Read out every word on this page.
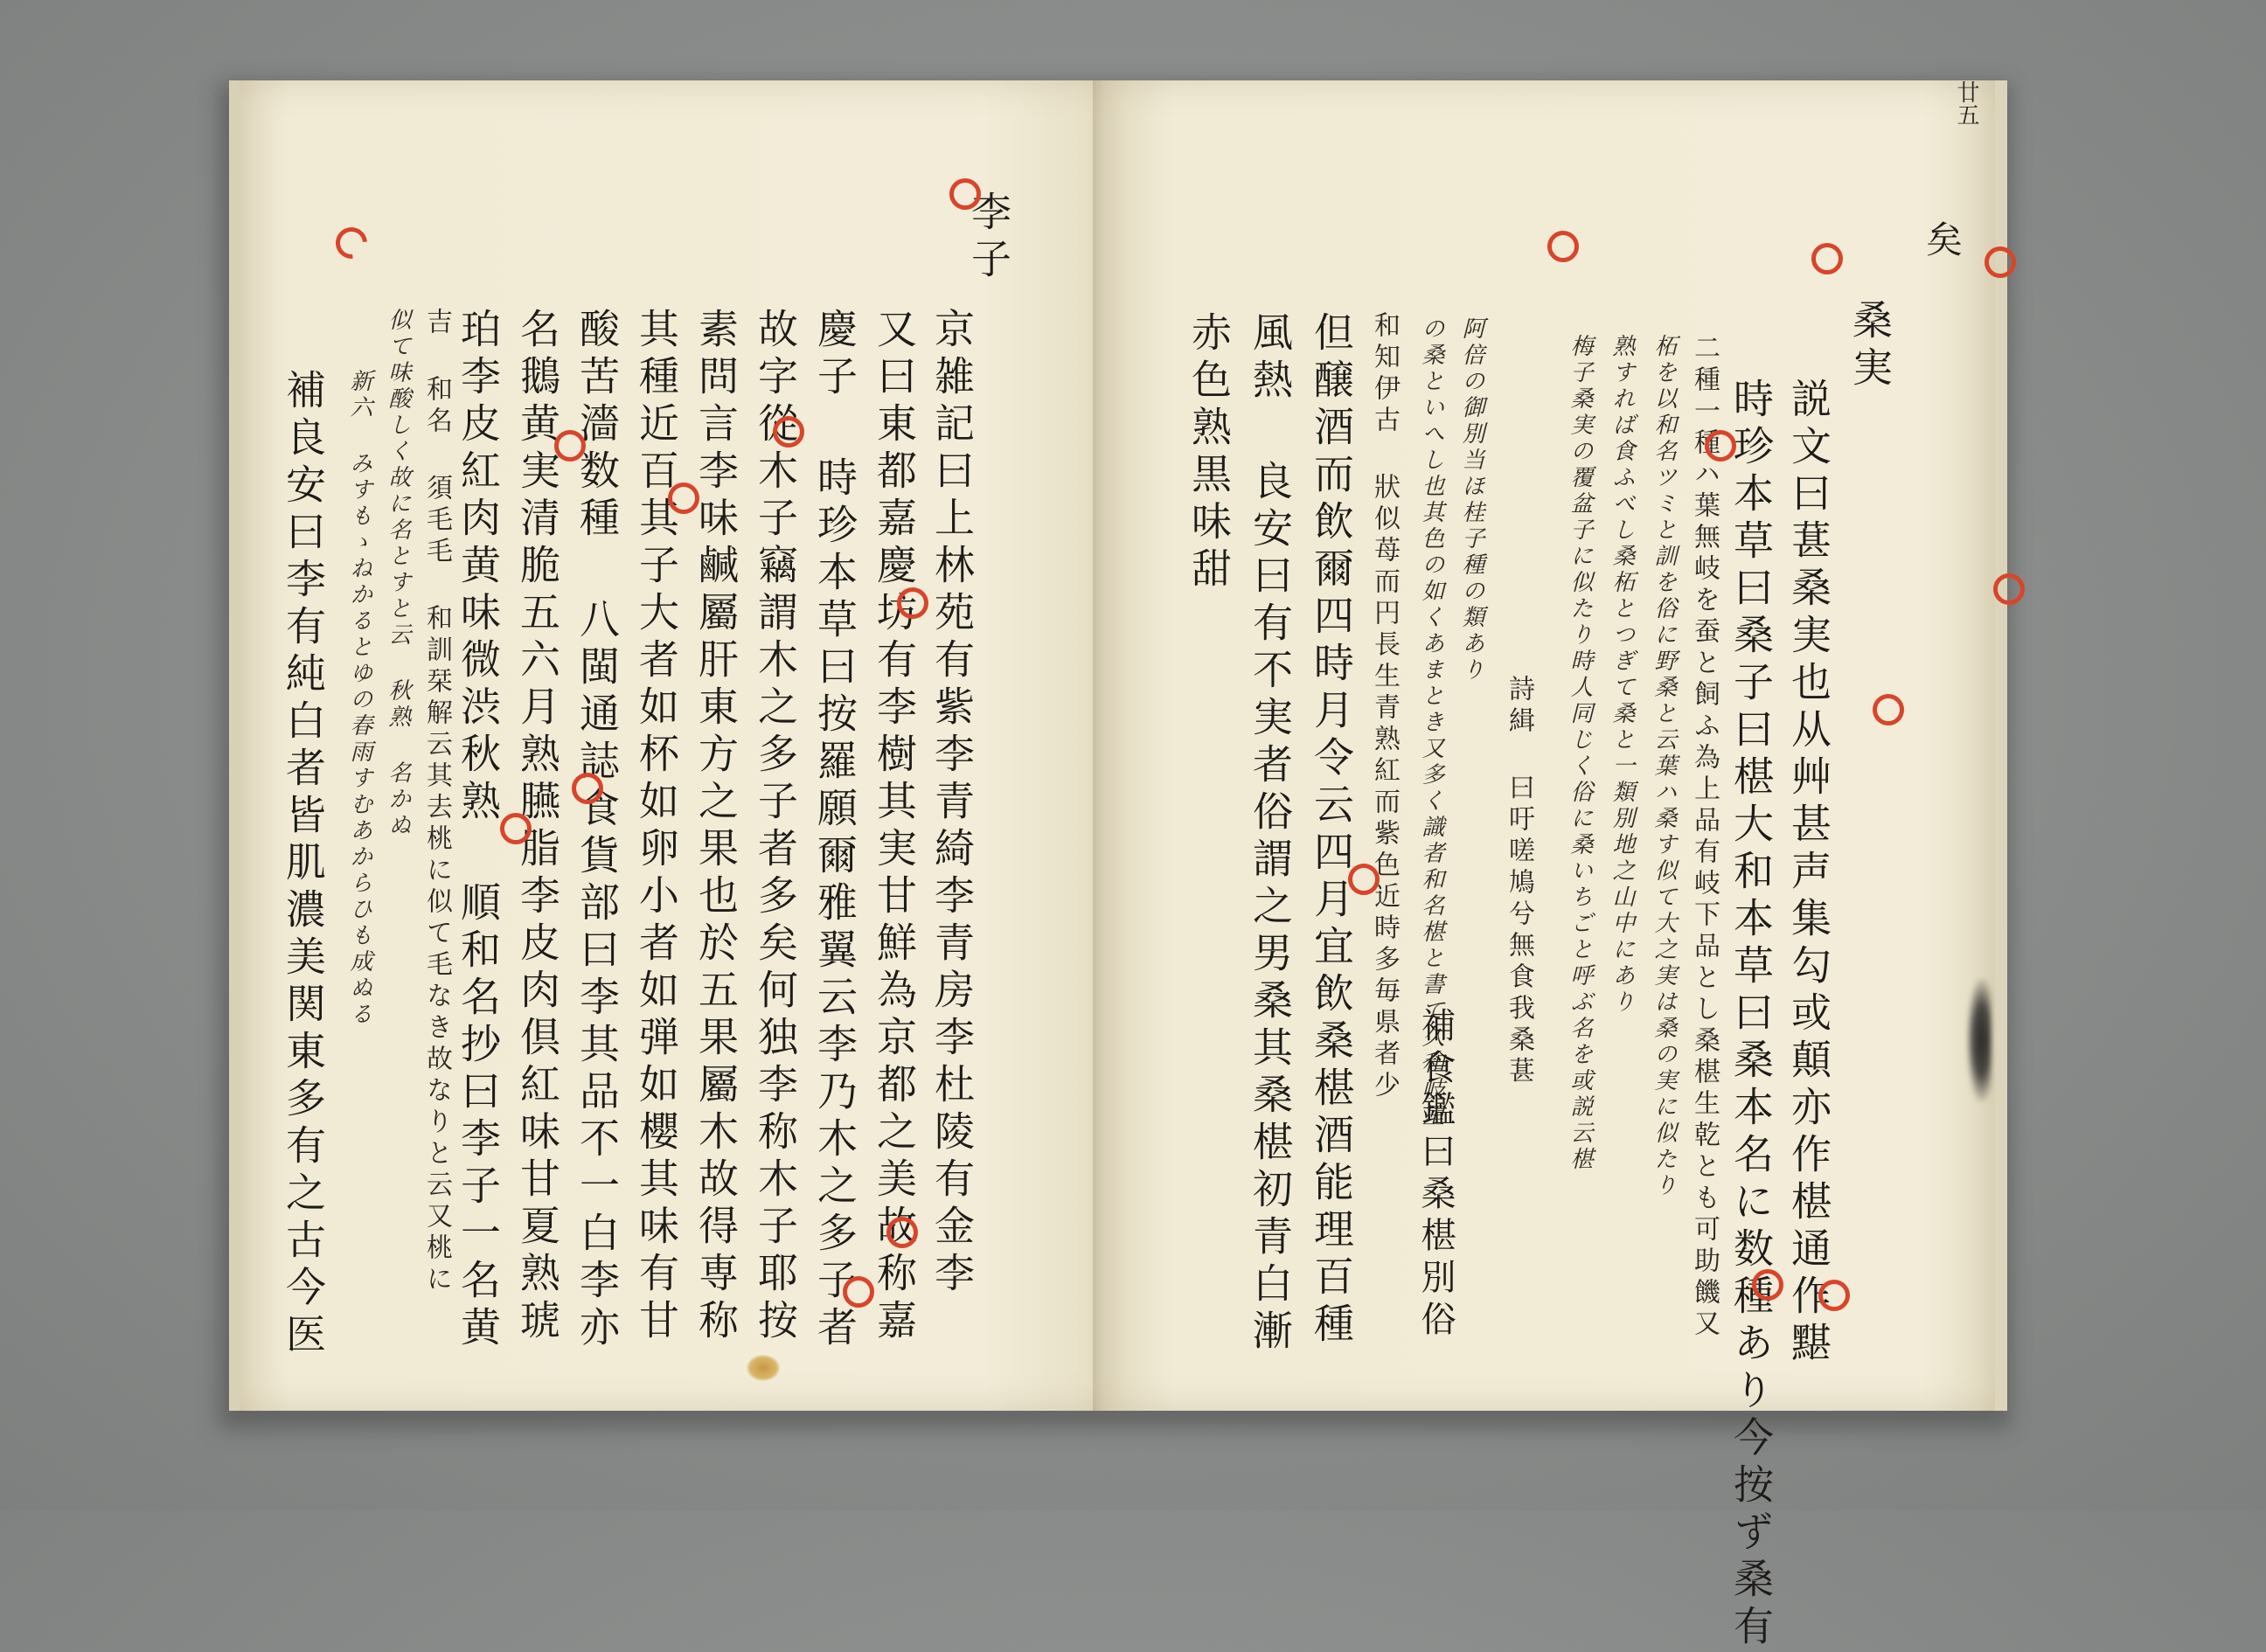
李子
京雑記曰上林苑有紫李青綺李青房李杜陵有金李
又曰東都嘉慶坊有李樹其実甘鮮為京都之美故称嘉
慶子 時珍本草曰按羅願爾雅翼云李乃木之多子者
故字從木子竊謂木之多子者多矣何独李称木子耶按
素問言李味鹹屬肝東方之果也於五果屬木故得専称
其種近百其子大者如杯如卵小者如弾如櫻其味有甘
酸苦濇数種 八閩通誌食貨部曰李其品不一白李亦
名鵝黄実清脆五六月熟臙脂李皮肉倶紅味甘夏熟琥
珀李皮紅肉黄味微渋秋熟 順和名抄曰李子一名黄
吉 和名 須毛毛 和訓栞解云其去桃に似て毛なき故なりと云又桃に
似て味酸しく故に名とすと云 秋熟 名かぬ
新六 みすもゝねかるとゆの春雨すむあからひも成ぬる
補良安曰李有純白者皆肌濃美関東多有之古今医
矣
桑実
説文曰葚桑実也从艸甚声集勾或顛亦作椹通作黮
時珍本草曰桑子曰椹大和本草曰桑本名に数種あり今按ず桑有
二種一種ハ葉無岐を蚕と飼ふ為上品有岐下品とし桑椹生乾とも可助饑又
柘を以和名ツミと訓を俗に野桑と云葉ハ桑す似て大之実は桑の実に似たり
熟すれば食ふべし桑柘とつぎて桑と一類別地之山中にあり
梅子桑実の覆盆子に似たり時人同じく俗に桑いちごと呼ぶ名を或説云椹
詩緝 曰吁嗟鳩兮無食我桑葚
阿倍の御別当ほ桂子種の類あり
の桑といへし也其色の如くあまとき又多く識者和名椹と書て久和岐里
和知伊古 狀似苺而円長生青熟紅而紫色近時多毎県者少
補食鑑曰桑椹別俗
但醸酒而飲爾四時月令云四月宜飲桑椹酒能理百種
風熱 良安曰有不実者俗謂之男桑其桑椹初青白漸
赤色熟黒味甜
廿五
